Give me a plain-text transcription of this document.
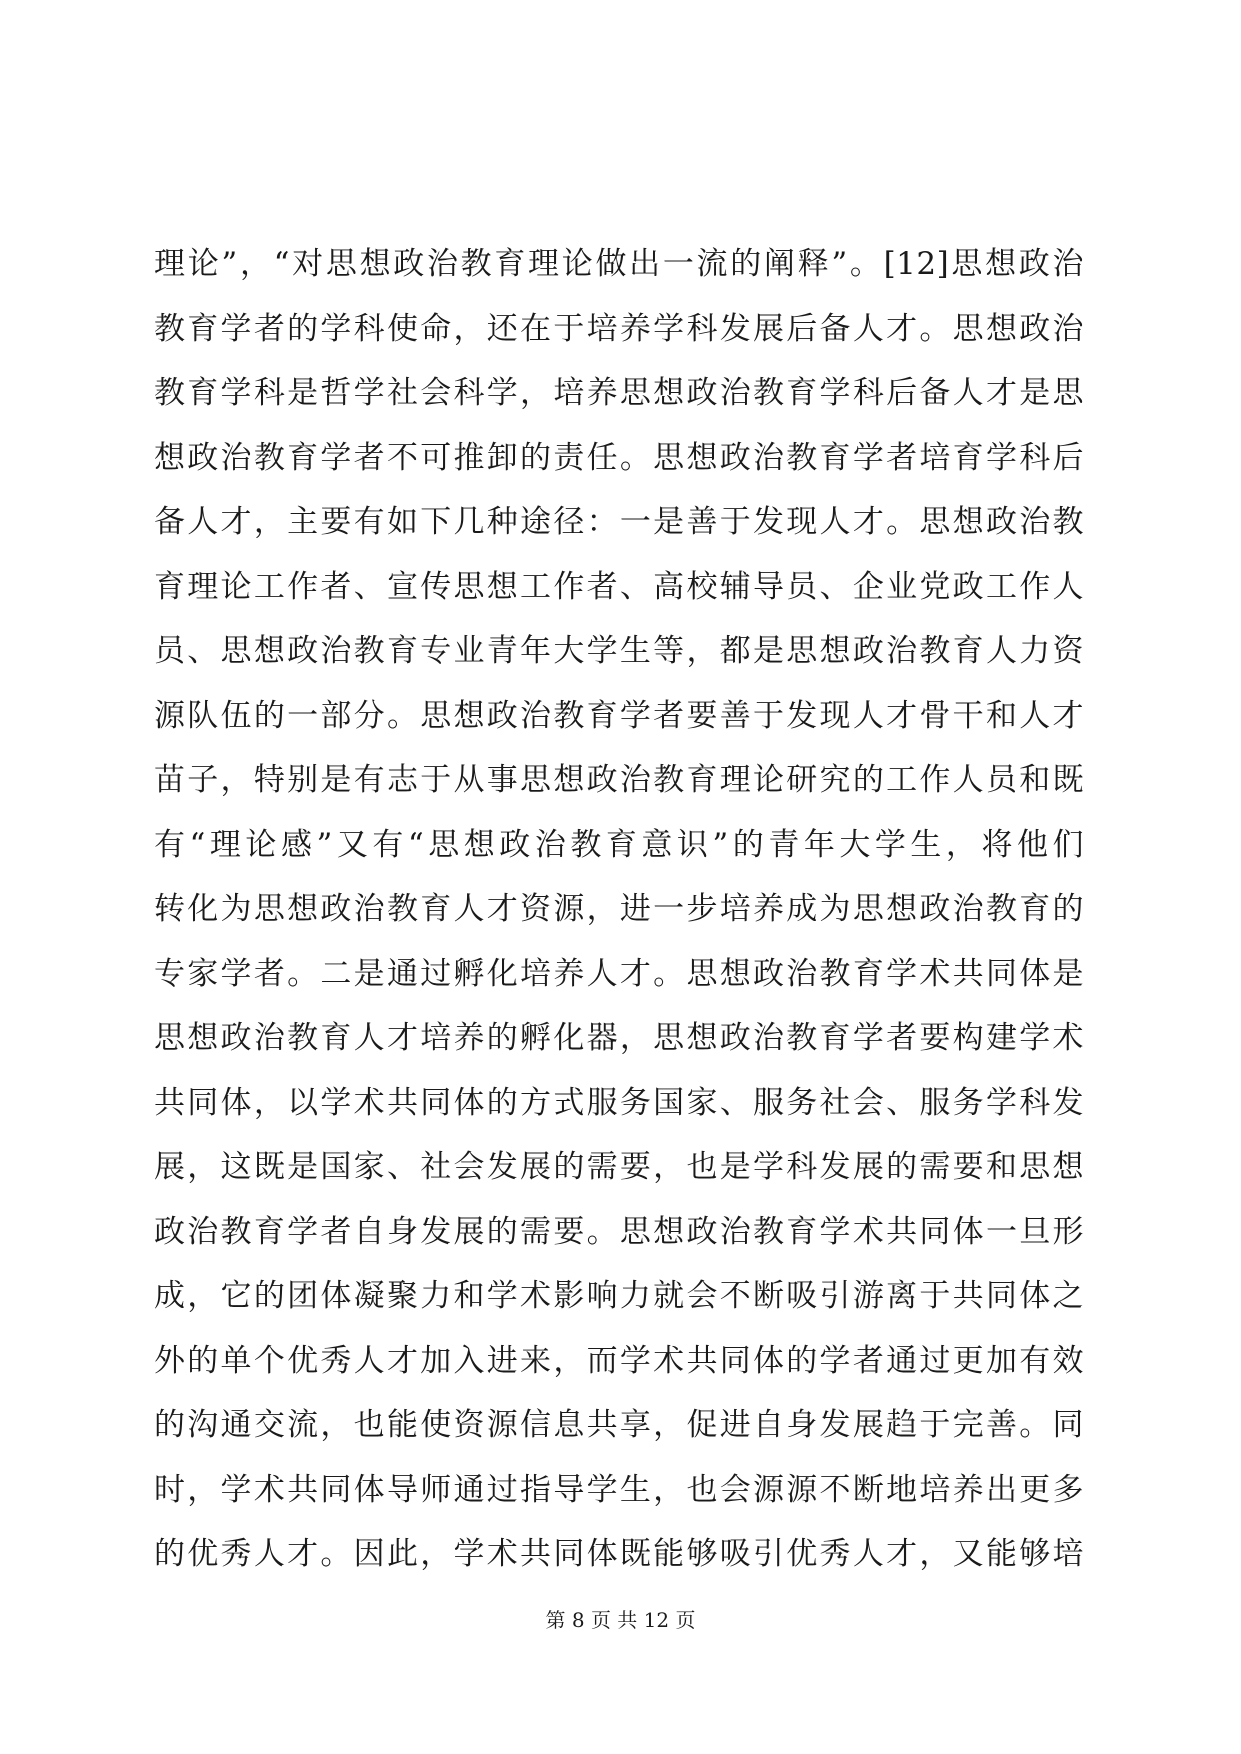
理论”，“对思想政治教育理论做出一流的阐释”。[12]思想政治
教育学者的学科使命，还在于培养学科发展后备人才。思想政治
教育学科是哲学社会科学，培养思想政治教育学科后备人才是思
想政治教育学者不可推卸的责任。思想政治教育学者培育学科后
备人才，主要有如下几种途径：一是善于发现人才。思想政治教
育理论工作者、宣传思想工作者、高校辅导员、企业党政工作人
员、思想政治教育专业青年大学生等，都是思想政治教育人力资
源队伍的一部分。思想政治教育学者要善于发现人才骨干和人才
苗子，特别是有志于从事思想政治教育理论研究的工作人员和既
有“理论感”又有“思想政治教育意识”的青年大学生，将他们
转化为思想政治教育人才资源，进一步培养成为思想政治教育的
专家学者。二是通过孵化培养人才。思想政治教育学术共同体是
思想政治教育人才培养的孵化器，思想政治教育学者要构建学术
共同体，以学术共同体的方式服务国家、服务社会、服务学科发
展，这既是国家、社会发展的需要，也是学科发展的需要和思想
政治教育学者自身发展的需要。思想政治教育学术共同体一旦形
成，它的团体凝聚力和学术影响力就会不断吸引游离于共同体之
外的单个优秀人才加入进来，而学术共同体的学者通过更加有效
的沟通交流，也能使资源信息共享，促进自身发展趋于完善。同
时，学术共同体导师通过指导学生，也会源源不断地培养出更多
的优秀人才。因此，学术共同体既能够吸引优秀人才，又能够培
第 8 页 共 12 页
